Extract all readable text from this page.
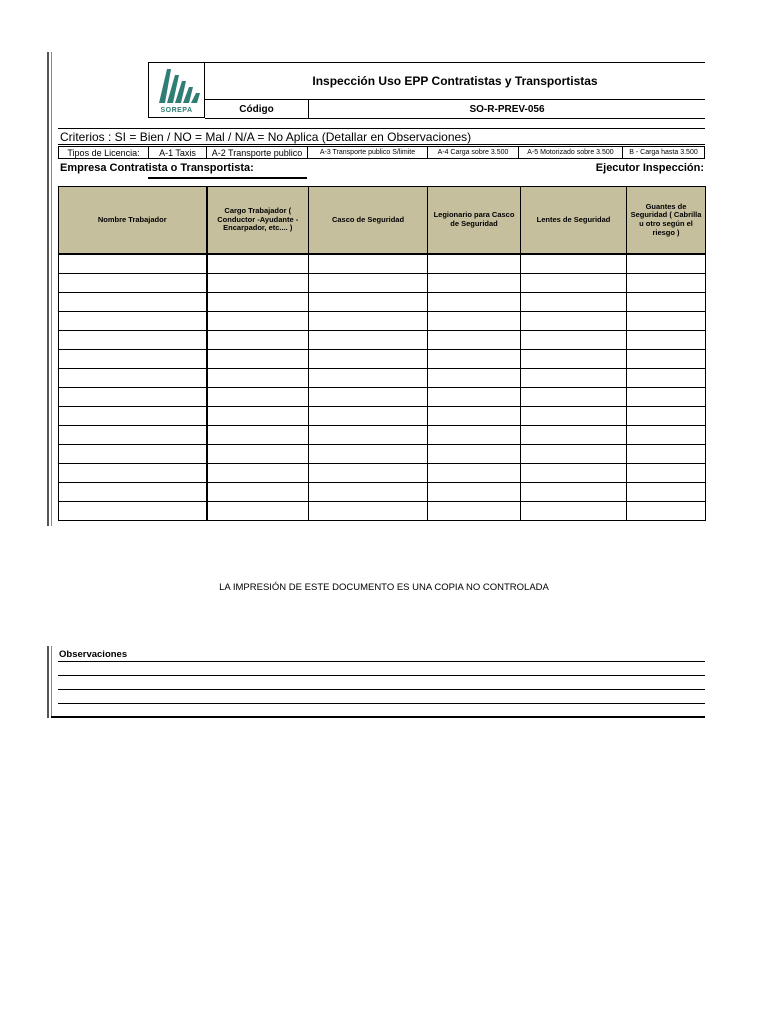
SOREPA
Inspección Uso EPP Contratistas y Transportistas
Código	SO-R-PREV-056
Criterios : SI = Bien / NO = Mal / N/A = No Aplica (Detallar en Observaciones)
Tipos de Licencia:	A-1 Taxis	A-2 Transporte publico	A-3 Transporte publico S/limite	A-4 Carga sobre 3.500	A-5 Motorizado sobre 3.500	B - Carga hasta 3.500
Empresa Contratista o Transportista:	Ejecutor Inspección:
Nombre Trabajador	Cargo Trabajador ( Conductor -Ayudante - Encarpador, etc.... )	Casco de Seguridad	Legionario para Casco de Seguridad	Lentes de Seguridad	Guantes de Seguridad ( Cabrilla u otro según el riesgo )

LA IMPRESIÓN DE ESTE DOCUMENTO ES UNA COPIA NO CONTROLADA
Observaciones
